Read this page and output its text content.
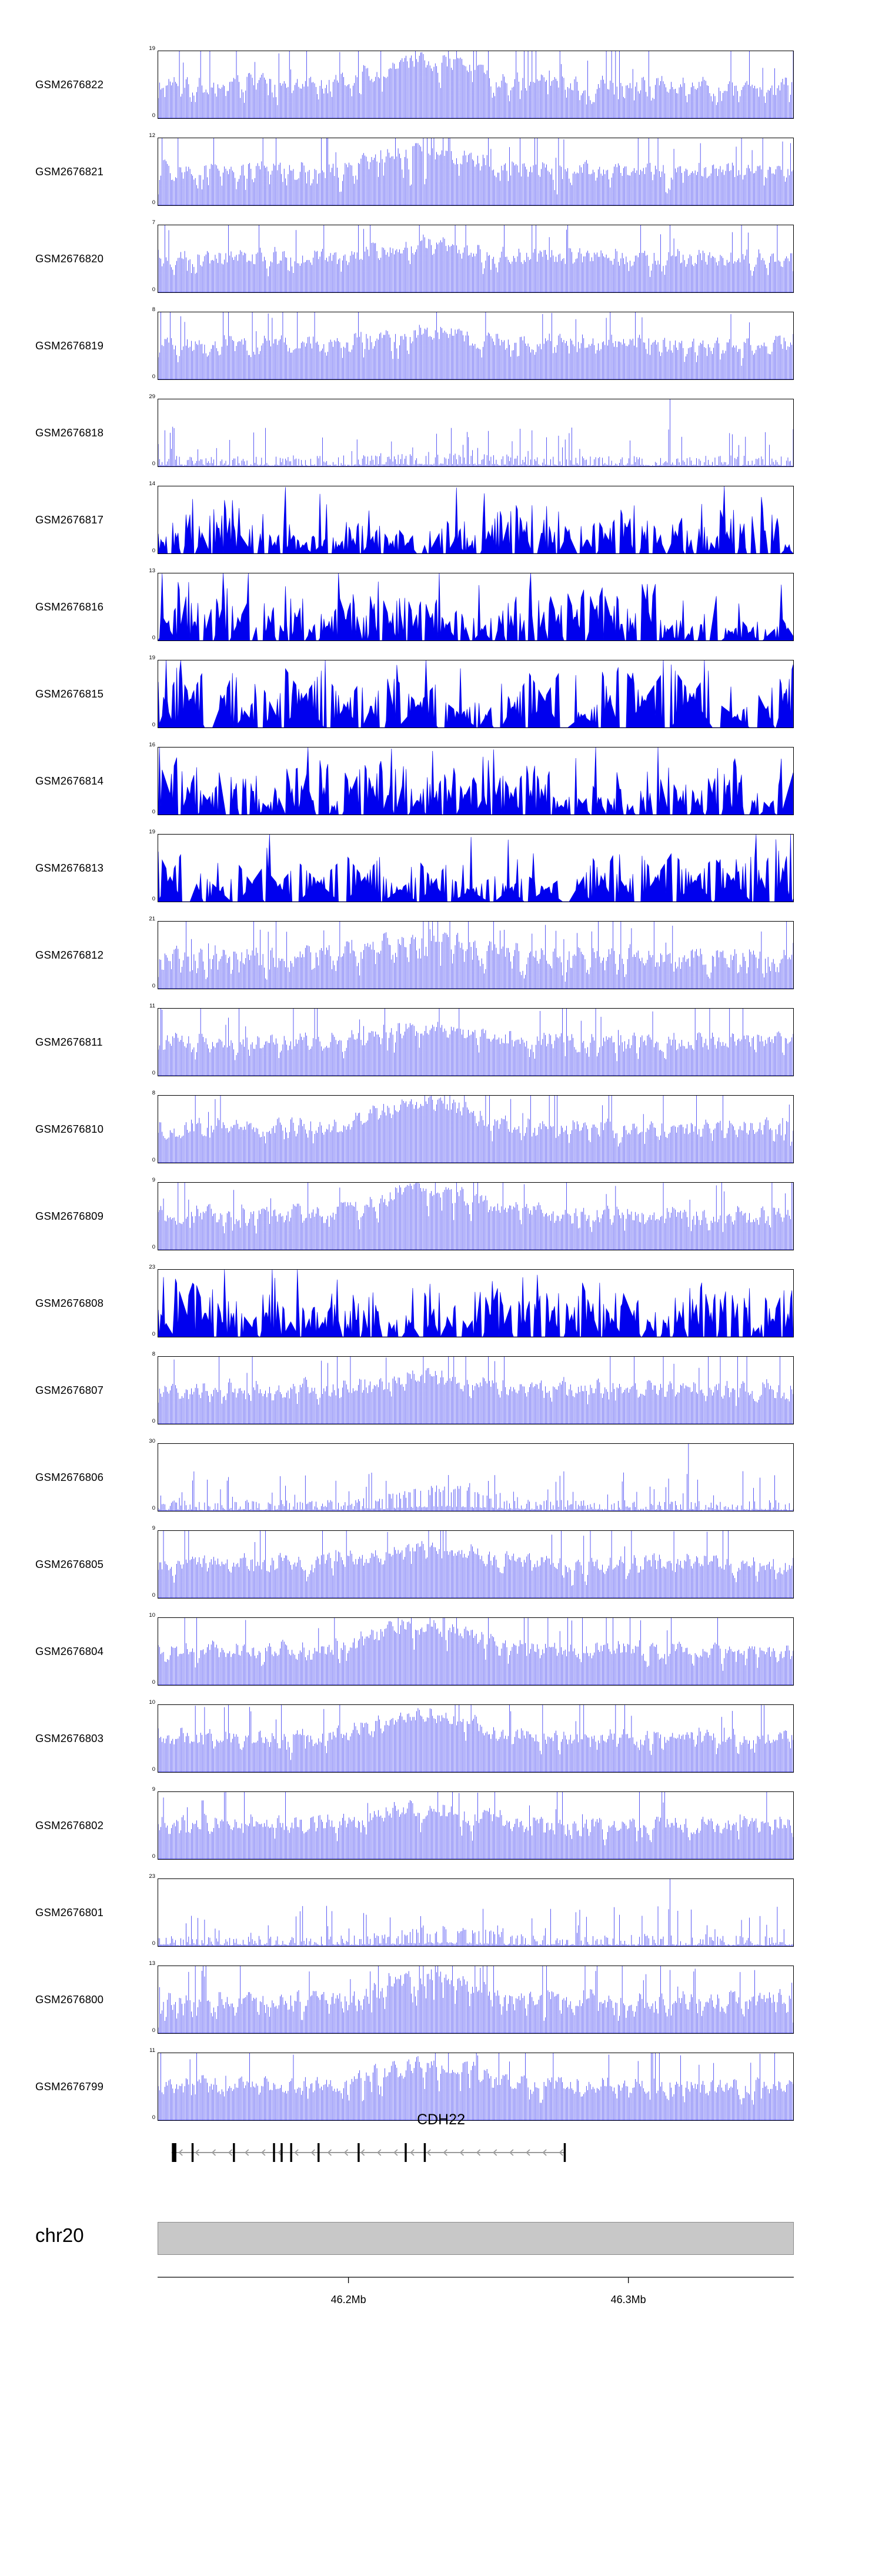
GSM2676822
19
0
GSM2676821
12
0
GSM2676820
7
0
GSM2676819
8
0
GSM2676818
29
0
GSM2676817
14
0
GSM2676816
13
0
GSM2676815
19
0
GSM2676814
16
0
GSM2676813
19
0
GSM2676812
21
0
GSM2676811
11
0
GSM2676810
8
0
GSM2676809
9
0
GSM2676808
23
0
GSM2676807
8
0
GSM2676806
30
0
GSM2676805
9
0
GSM2676804
10
0
GSM2676803
10
0
GSM2676802
9
0
GSM2676801
23
0
GSM2676800
13
0
GSM2676799
11
0	CDH22
chr20
46.2Mb	46.3Mb
